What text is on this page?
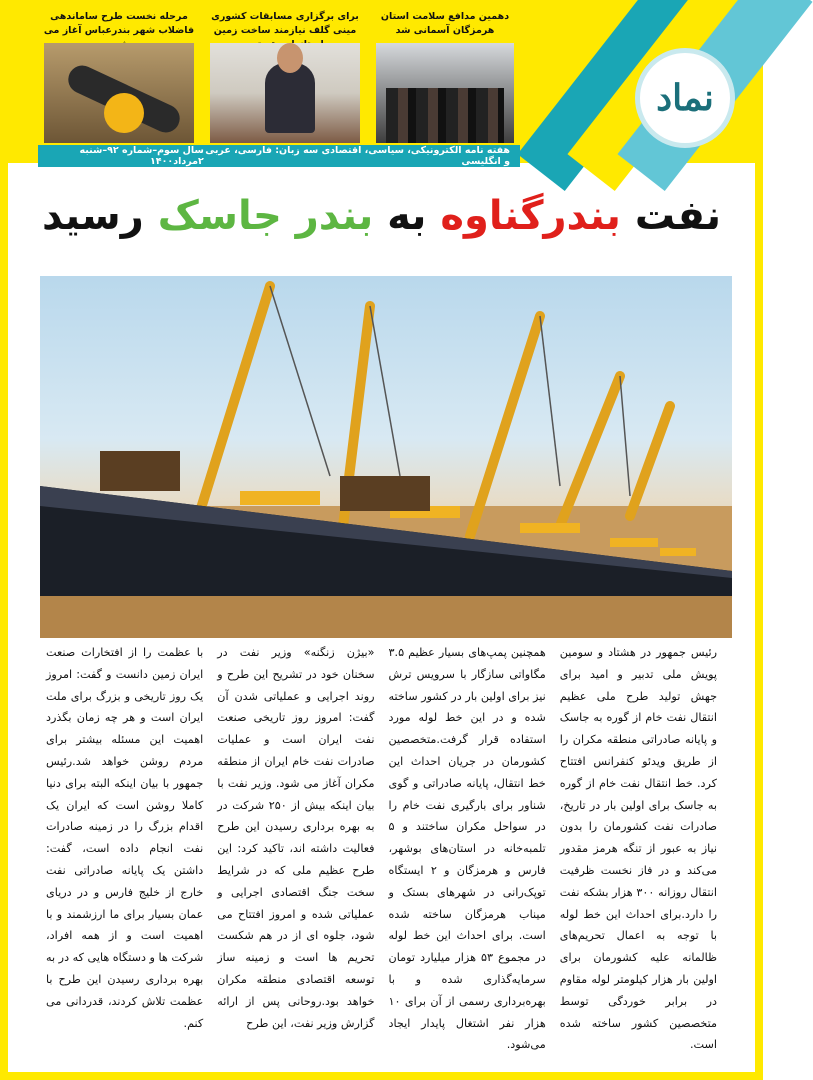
نماد
مرحله نخست طرح ساماندهی فاضلاب شهر بندرعباس آغاز می
برای برگزاری مسابقات کشوری مینی گلف نیازمند ساخت زمین
دهمین مدافع سلامت استان هرمزگان آسمانی شد
هفته نامه الکترونیکی، سیاسی، اقتصادی سه زبان: فارسی، عربی و انگلیسی
سال سوم–شماره ۹۲–شنبه ۲مرداد۱۴۰۰
نفت بندرگناوه به بندر جاسک رسید

رئیس جمهور در هشتاد و سومین پویش ملی تدبیر و امید برای جهش تولید طرح ملی عظیم انتقال نفت خام از گوره به جاسک و پایانه صادراتی منطقه مکران را از طریق ویدئو کنفرانس افتتاح کرد. خط انتقال نفت خام از گوره به جاسک برای اولین بار در تاریخ، صادرات نفت کشورمان را بدون نیاز به عبور از تنگه هرمز مقدور می‌کند و در فاز نخست ظرفیت انتقال روزانه ۳۰۰ هزار بشکه نفت را دارد.برای احداث این خط لوله با توجه به اعمال تحریم‌های ظالمانه علیه کشورمان برای اولین بار هزار کیلومتر لوله مقاوم در برابر خوردگی توسط متخصصین کشور ساخته شده است.

همچنین پمپ‌های بسیار عظیم ۳.۵ مگاواتی سازگار با سرویس ترش نیز برای اولین بار در کشور ساخته شده و در این خط لوله مورد استفاده قرار گرفت.متخصصین کشورمان در جریان احداث این خط انتقال، پایانه صادراتی و گوی شناور برای بارگیری نفت خام را در سواحل مکران ساختند و ۵ تلمبه‌خانه در استان‌های بوشهر، فارس و هرمزگان و ۲ ایستگاه توپک‌رانی در شهرهای بستک و میناب هرمزگان ساخته شده است. برای احداث این خط لوله در مجموع ۵۳ هزار میلیارد تومان سرمایه‌گذاری شده و با بهره‌برداری رسمی از آن برای ۱۰ هزار نفر اشتغال پایدار ایجاد می‌شود.

«بیژن زنگنه» وزیر نفت در سخنان خود در تشریح این طرح و روند اجرایی و عملیاتی شدن آن گفت: امروز روز تاریخی صنعت نفت ایران است و عملیات صادرات نفت خام ایران از منطقه مکران آغاز می شود. وزیر نفت با بیان اینکه بیش از ۲۵۰ شرکت در به بهره برداری رسیدن این طرح فعالیت داشته اند، تاکید کرد: این طرح عظیم ملی که در شرایط سخت جنگ اقتصادی اجرایی و عملیاتی شده و امروز افتتاح می شود، جلوه ای از در هم شکست تحریم ها است و زمینه ساز توسعه اقتصادی منطقه مکران خواهد بود.روحانی پس از ارائه گزارش وزیر نفت، این طرح

با عظمت را از افتخارات صنعت ایران زمین دانست و گفت: امروز یک روز تاریخی و بزرگ برای ملت ایران است و هر چه زمان بگذرد اهمیت این مسئله بیشتر برای مردم روشن خواهد شد.رئیس جمهور با بیان اینکه البته برای دنیا کاملا روشن است که ایران یک اقدام بزرگ را در زمینه صادرات نفت انجام داده است، گفت: داشتن یک پایانه صادراتی نفت خارج از خلیج فارس و در دریای عمان بسیار برای ما ارزشمند و با اهمیت است و از همه افراد، شرکت ها و دستگاه هایی که در به بهره برداری رسیدن این طرح با عظمت تلاش کردند، قدردانی می کنم.
